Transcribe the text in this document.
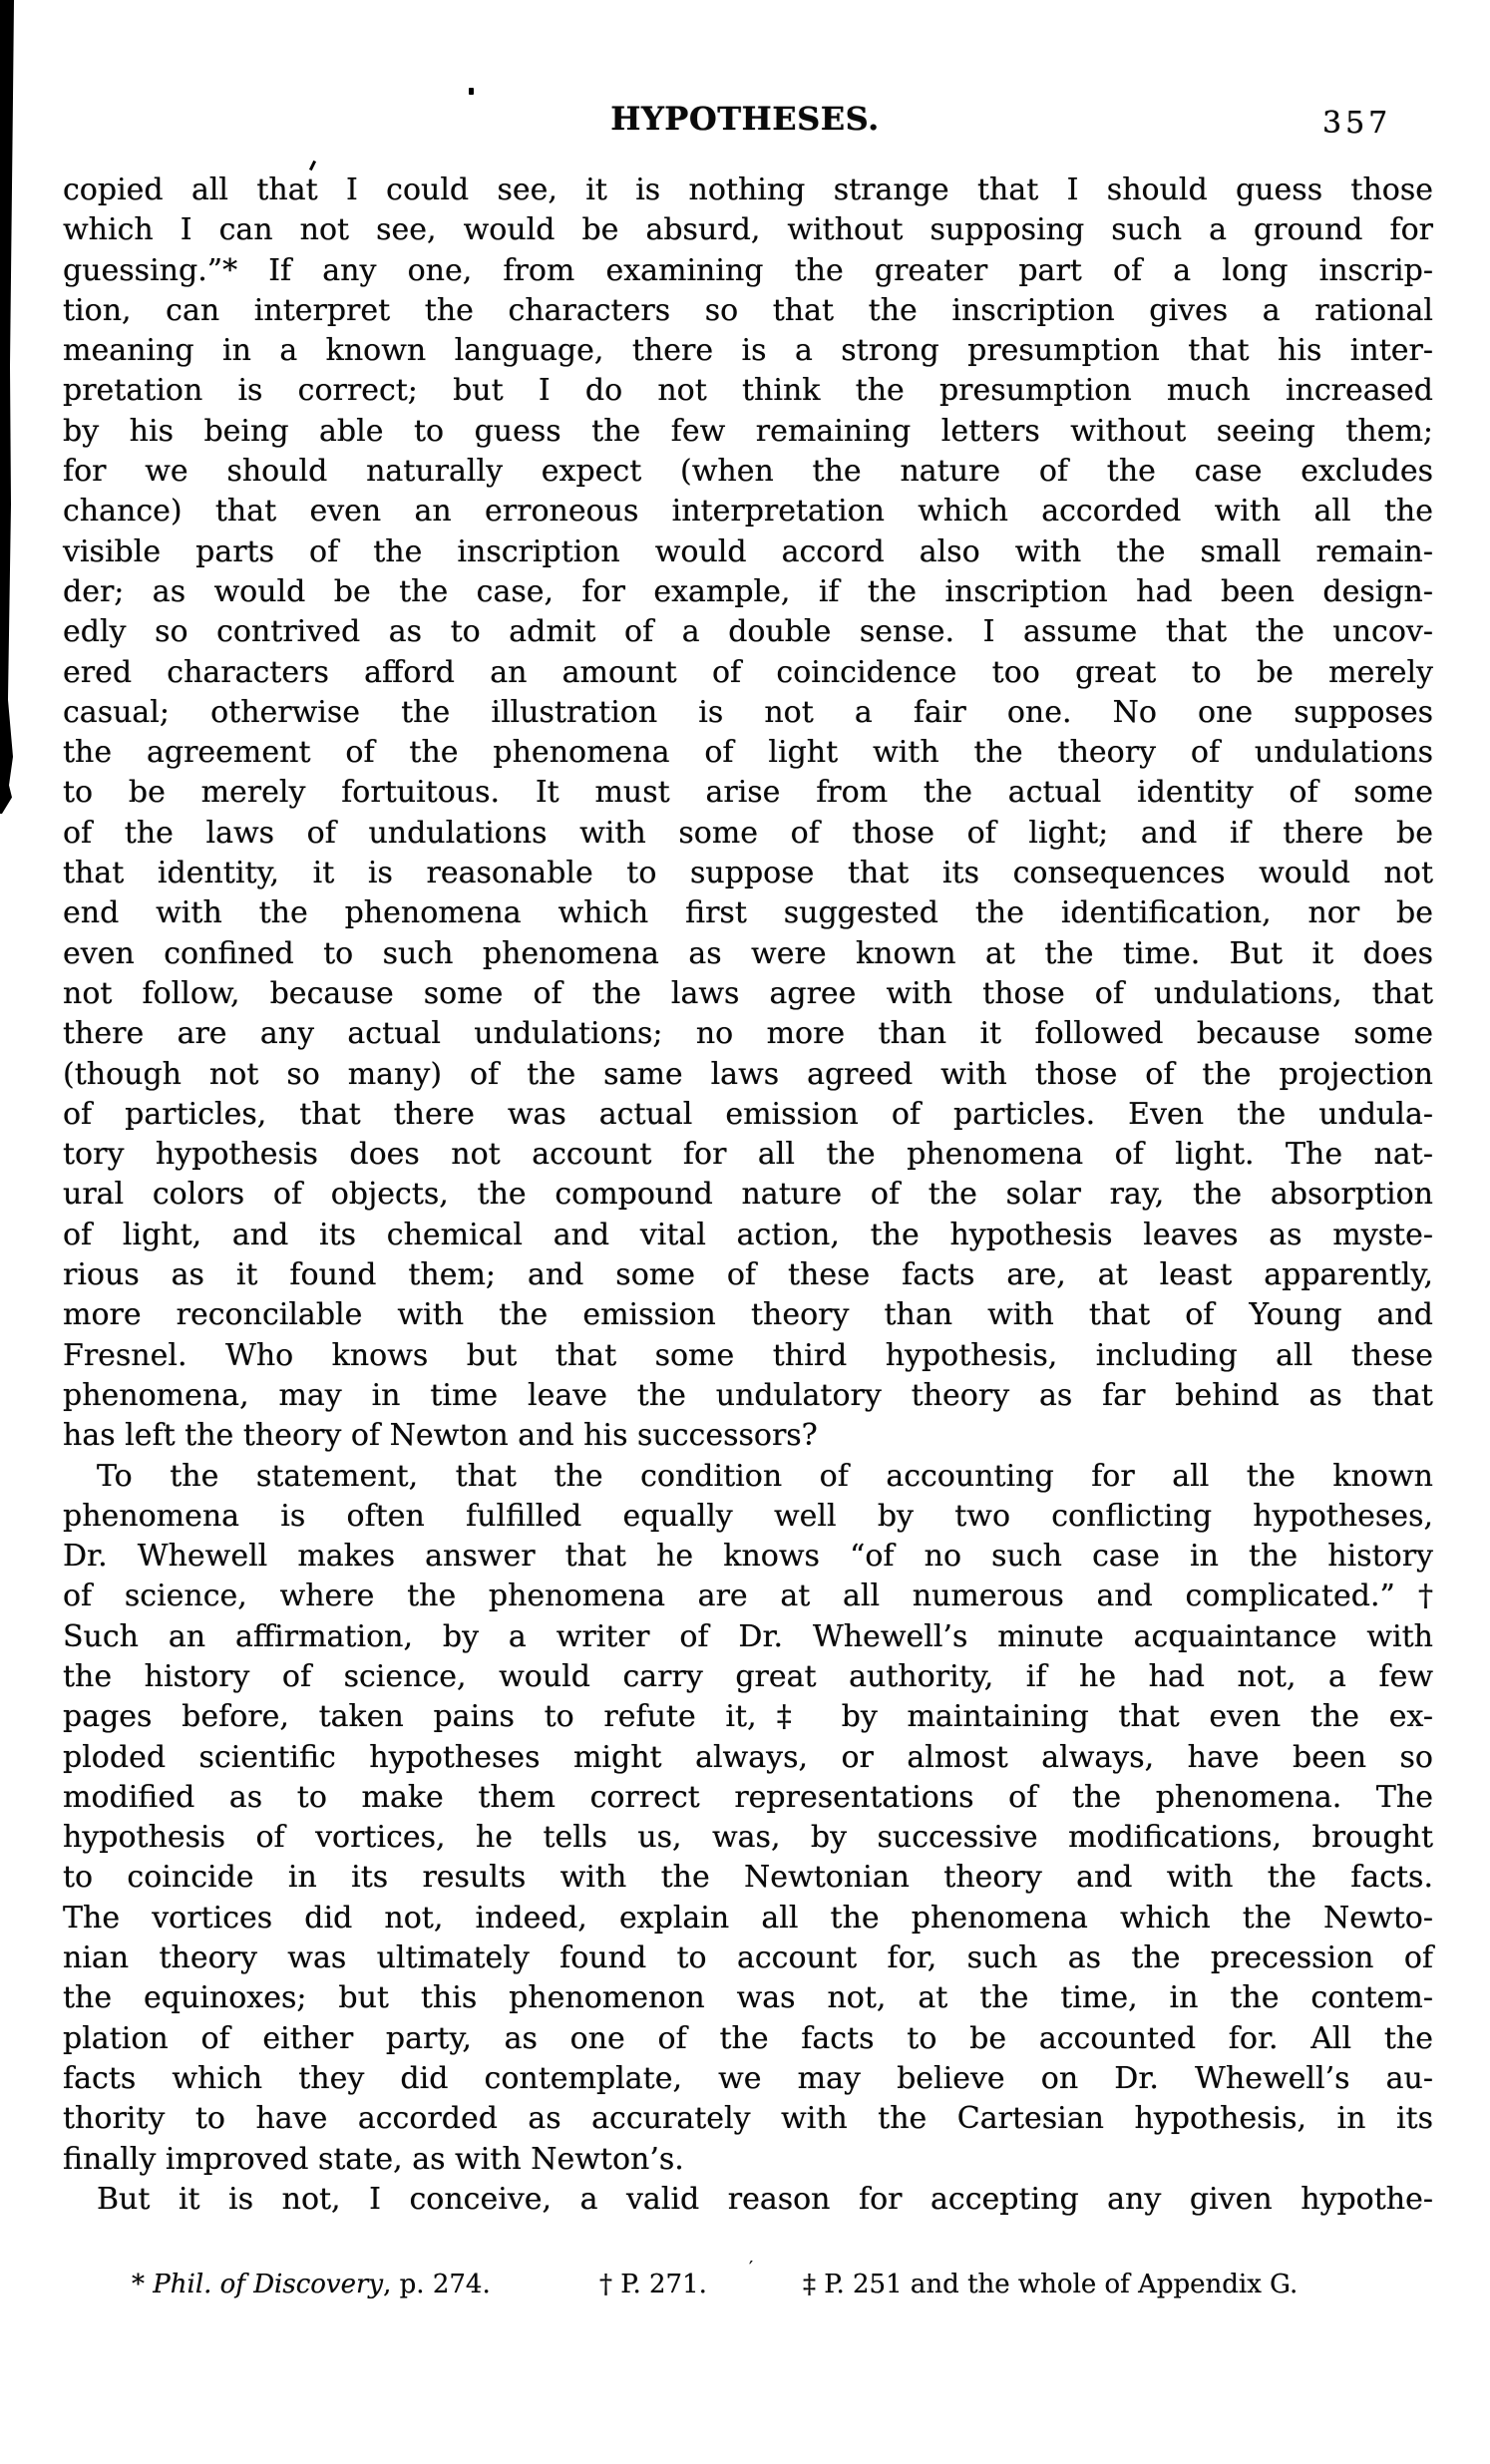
HYPOTHESES.	357
copied all that I could see, it is nothing strange that I should guess those
which I can not see, would be absurd, without supposing such a ground for
guessing.”* If any one, from examining the greater part of a long inscrip-
tion, can interpret the characters so that the inscription gives a rational
meaning in a known language, there is a strong presumption that his inter-
pretation is correct; but I do not think the presumption much increased
by his being able to guess the few remaining letters without seeing them;
for we should naturally expect (when the nature of the case excludes
chance) that even an erroneous interpretation which accorded with all the
visible parts of the inscription would accord also with the small remain-
der; as would be the case, for example, if the inscription had been design-
edly so contrived as to admit of a double sense. I assume that the uncov-
ered characters afford an amount of coincidence too great to be merely
casual; otherwise the illustration is not a fair one. No one supposes
the agreement of the phenomena of light with the theory of undulations
to be merely fortuitous. It must arise from the actual identity of some
of the laws of undulations with some of those of light; and if there be
that identity, it is reasonable to suppose that its consequences would not
end with the phenomena which first suggested the identification, nor be
even confined to such phenomena as were known at the time. But it does
not follow, because some of the laws agree with those of undulations, that
there are any actual undulations; no more than it followed because some
(though not so many) of the same laws agreed with those of the projection
of particles, that there was actual emission of particles. Even the undula-
tory hypothesis does not account for all the phenomena of light. The nat-
ural colors of objects, the compound nature of the solar ray, the absorption
of light, and its chemical and vital action, the hypothesis leaves as myste-
rious as it found them; and some of these facts are, at least apparently,
more reconcilable with the emission theory than with that of Young and
Fresnel. Who knows but that some third hypothesis, including all these
phenomena, may in time leave the undulatory theory as far behind as that
has left the theory of Newton and his successors?
To the statement, that the condition of accounting for all the known
phenomena is often fulfilled equally well by two conflicting hypotheses,
Dr. Whewell makes answer that he knows “of no such case in the history
of science, where the phenomena are at all numerous and complicated.”†
Such an affirmation, by a writer of Dr. Whewell’s minute acquaintance with
the history of science, would carry great authority, if he had not, a few
pages before, taken pains to refute it,‡ by maintaining that even the ex-
ploded scientific hypotheses might always, or almost always, have been so
modified as to make them correct representations of the phenomena. The
hypothesis of vortices, he tells us, was, by successive modifications, brought
to coincide in its results with the Newtonian theory and with the facts.
The vortices did not, indeed, explain all the phenomena which the Newto-
nian theory was ultimately found to account for, such as the precession of
the equinoxes; but this phenomenon was not, at the time, in the contem-
plation of either party, as one of the facts to be accounted for. All the
facts which they did contemplate, we may believe on Dr. Whewell’s au-
thority to have accorded as accurately with the Cartesian hypothesis, in its
finally improved state, as with Newton’s.
But it is not, I conceive, a valid reason for accepting any given hypothe-
* Phil. of Discovery, p. 274.	† P. 271.
′
‡ P. 251 and the whole of Appendix G.
